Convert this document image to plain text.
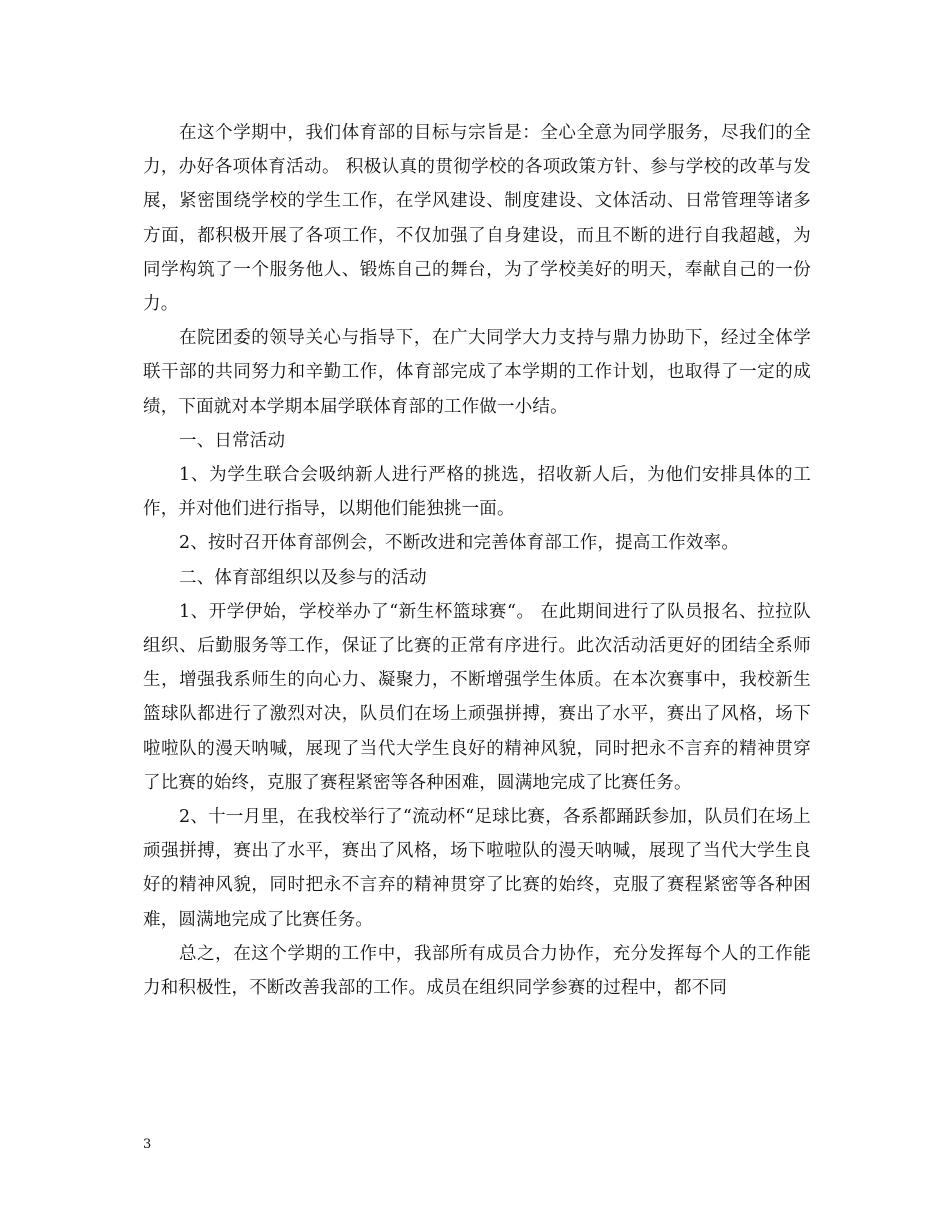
在这个学期中，我们体育部的目标与宗旨是：全心全意为同学服务，尽我们的全力，办好各项体育活动。 积极认真的贯彻学校的各项政策方针、参与学校的改革与发展，紧密围绕学校的学生工作，在学风建设、制度建设、文体活动、日常管理等诸多方面，都积极开展了各项工作，不仅加强了自身建设，而且不断的进行自我超越，为同学构筑了一个服务他人、锻炼自己的舞台，为了学校美好的明天，奉献自己的一份力。

在院团委的领导关心与指导下，在广大同学大力支持与鼎力协助下，经过全体学联干部的共同努力和辛勤工作，体育部完成了本学期的工作计划，也取得了一定的成绩，下面就对本学期本届学联体育部的工作做一小结。

一、日常活动

1、为学生联合会吸纳新人进行严格的挑选，招收新人后，为他们安排具体的工作，并对他们进行指导，以期他们能独挑一面。

2、按时召开体育部例会，不断改进和完善体育部工作，提高工作效率。

二、体育部组织以及参与的活动

1、开学伊始，学校举办了“新生杯篮球赛“。 在此期间进行了队员报名、拉拉队组织、后勤服务等工作，保证了比赛的正常有序进行。此次活动活更好的团结全系师生，增强我系师生的向心力、凝聚力，不断增强学生体质。在本次赛事中，我校新生篮球队都进行了激烈对决，队员们在场上顽强拼搏，赛出了水平，赛出了风格，场下啦啦队的漫天呐喊，展现了当代大学生良好的精神风貌，同时把永不言弃的精神贯穿了比赛的始终，克服了赛程紧密等各种困难，圆满地完成了比赛任务。

2、十一月里，在我校举行了“流动杯“足球比赛，各系都踊跃参加，队员们在场上顽强拼搏，赛出了水平，赛出了风格，场下啦啦队的漫天呐喊，展现了当代大学生良好的精神风貌，同时把永不言弃的精神贯穿了比赛的始终，克服了赛程紧密等各种困难，圆满地完成了比赛任务。

总之，在这个学期的工作中，我部所有成员合力协作，充分发挥每个人的工作能力和积极性，不断改善我部的工作。成员在组织同学参赛的过程中，都不同

3
